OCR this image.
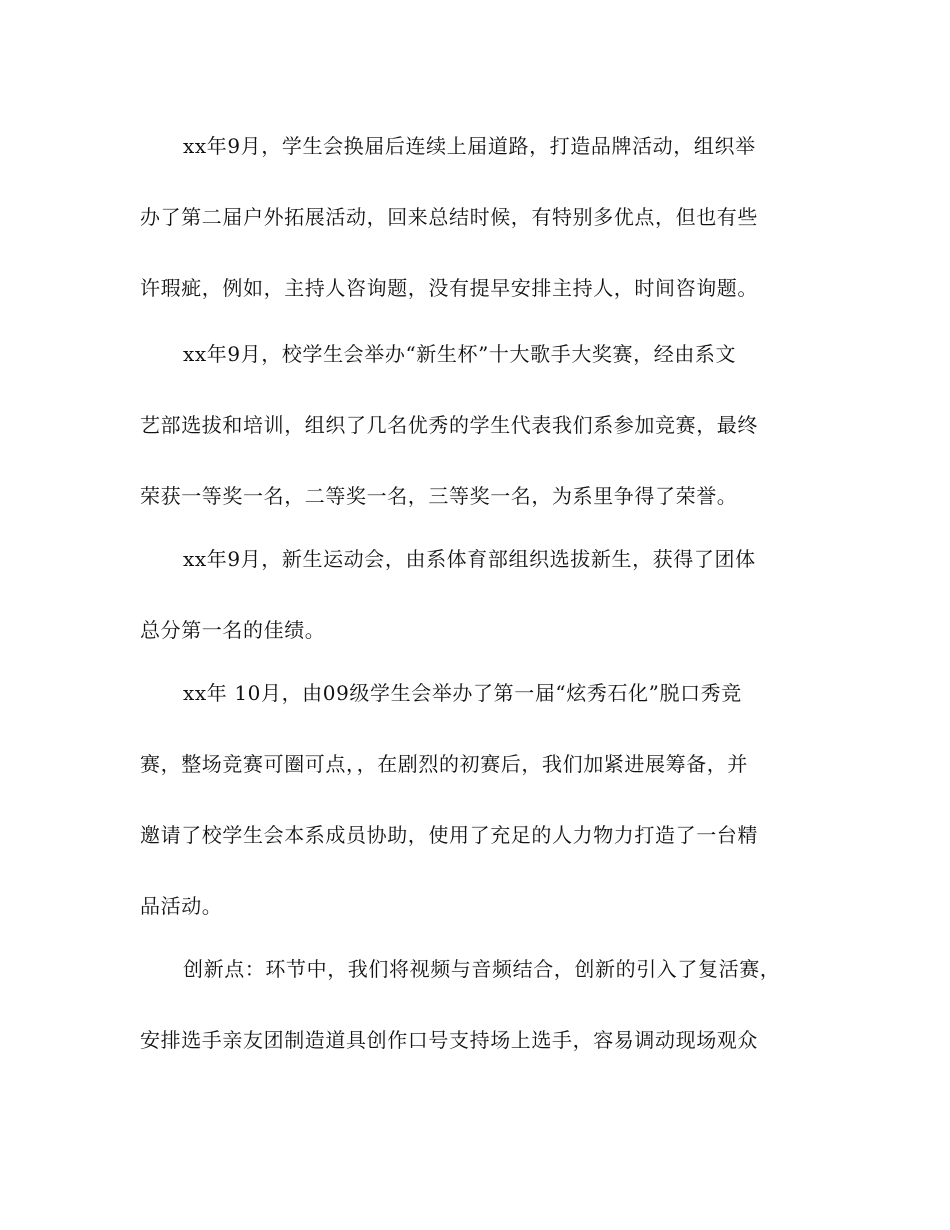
xx年9月，学生会换届后连续上届道路，打造品牌活动，组织举
办了第二届户外拓展活动，回来总结时候，有特别多优点，但也有些
许瑕疵，例如，主持人咨询题，没有提早安排主持人，时间咨询题。
xx年9月，校学生会举办“新生杯”十大歌手大奖赛，经由系文
艺部选拔和培训，组织了几名优秀的学生代表我们系参加竞赛，最终
荣获一等奖一名，二等奖一名，三等奖一名，为系里争得了荣誉。
xx年9月，新生运动会，由系体育部组织选拔新生，获得了团体
总分第一名的佳绩。
xx年 10月，由09级学生会举办了第一届“炫秀石化”脱口秀竞
赛，整场竞赛可圈可点，，在剧烈的初赛后，我们加紧进展筹备，并
邀请了校学生会本系成员协助，使用了充足的人力物力打造了一台精
品活动。
创新点：环节中，我们将视频与音频结合，创新的引入了复活赛，
安排选手亲友团制造道具创作口号支持场上选手，容易调动现场观众
